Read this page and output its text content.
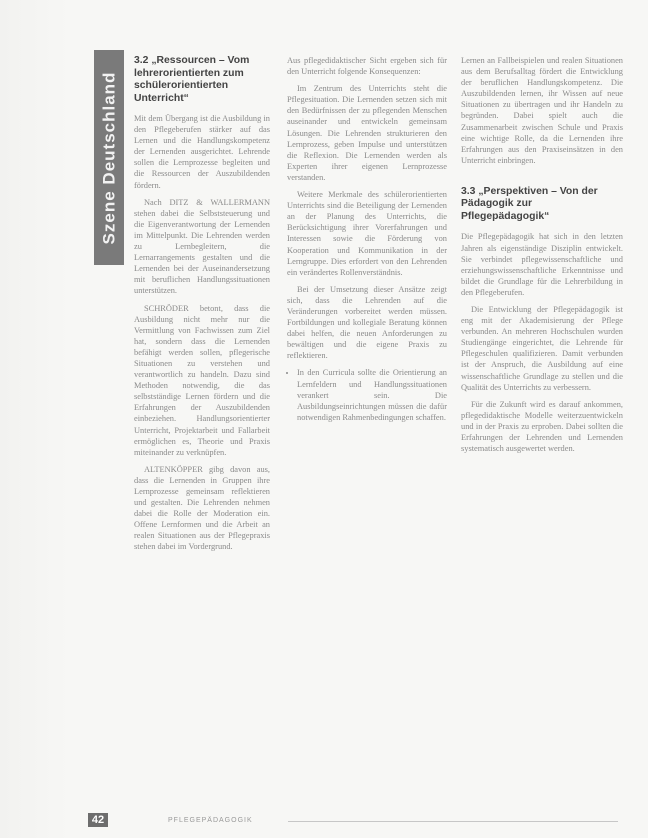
Szene Deutschland
3.2 „Ressourcen – Vom lehrerorientierten zum schülerorientierten Unterricht“

Mit dem Übergang ist die Ausbildung in den Pflegeberufen stärker auf das Lernen und die Handlungskompetenz der Lernenden ausgerichtet. Lehrende sollen die Lernprozesse begleiten und die Ressourcen der Auszubildenden fördern.

Nach DITZ & WALLERMANN stehen dabei die Selbststeuerung und die Eigenverantwortung der Lernenden im Mittelpunkt. Die Lehrenden werden zu Lernbegleitern, die Lernarrangements gestalten und die Lernenden bei der Auseinandersetzung mit beruflichen Handlungssituationen unterstützen.

SCHRÖDER betont, dass die Ausbildung nicht mehr nur die Vermittlung von Fachwissen zum Ziel hat, sondern dass die Lernenden befähigt werden sollen, pflegerische Situationen zu verstehen und verantwortlich zu handeln. Dazu sind Methoden notwendig, die das selbstständige Lernen fördern und die Erfahrungen der Auszubildenden einbeziehen. Handlungsorientierter Unterricht, Projektarbeit und Fallarbeit ermöglichen es, Theorie und Praxis miteinander zu verknüpfen.

ALTENKÖPPER gibg davon aus, dass die Lernenden in Gruppen ihre Lernprozesse gemeinsam reflektieren und gestalten. Die Lehrenden nehmen dabei die Rolle der Moderation ein. Offene Lernformen und die Arbeit an realen Situationen aus der Pflegepraxis stehen dabei im Vordergrund.

Aus pflegedidaktischer Sicht ergeben sich für den Unterricht folgende Konsequenzen:

Im Zentrum des Unterrichts steht die Pflegesituation. Die Lernenden setzen sich mit den Bedürfnissen der zu pflegenden Menschen auseinander und entwickeln gemeinsam Lösungen. Die Lehrenden strukturieren den Lernprozess, geben Impulse und unterstützen die Reflexion. Die Lernenden werden als Experten ihrer eigenen Lernprozesse verstanden.

Weitere Merkmale des schülerorientierten Unterrichts sind die Beteiligung der Lernenden an der Planung des Unterrichts, die Berücksichtigung ihrer Vorerfahrungen und Interessen sowie die Förderung von Kooperation und Kommunikation in der Lerngruppe. Dies erfordert von den Lehrenden ein verändertes Rollenverständnis.

Bei der Umsetzung dieser Ansätze zeigt sich, dass die Lehrenden auf die Veränderungen vorbereitet werden müssen. Fortbildungen und kollegiale Beratung können dabei helfen, die neuen Anforderungen zu bewältigen und die eigene Praxis zu reflektieren.

• In den Curricula sollte die Orientierung an Lernfeldern und Handlungssituationen verankert sein. Die Ausbildungseinrichtungen müssen die dafür notwendigen Rahmenbedingungen schaffen.

Lernen an Fallbeispielen und realen Situationen aus dem Berufsalltag fördert die Entwicklung der beruflichen Handlungskompetenz. Die Auszubildenden lernen, ihr Wissen auf neue Situationen zu übertragen und ihr Handeln zu begründen. Dabei spielt auch die Zusammenarbeit zwischen Schule und Praxis eine wichtige Rolle, da die Lernenden ihre Erfahrungen aus den Praxiseinsätzen in den Unterricht einbringen.

3.3 „Perspektiven – Von der Pädagogik zur Pflegepädagogik“

Die Pflegepädagogik hat sich in den letzten Jahren als eigenständige Disziplin entwickelt. Sie verbindet pflegewissenschaftliche und erziehungswissenschaftliche Erkenntnisse und bildet die Grundlage für die Lehrerbildung in den Pflegeberufen.

Die Entwicklung der Pflegepädagogik ist eng mit der Akademisierung der Pflege verbunden. An mehreren Hochschulen wurden Studiengänge eingerichtet, die Lehrende für Pflegeschulen qualifizieren. Damit verbunden ist der Anspruch, die Ausbildung auf eine wissenschaftliche Grundlage zu stellen und die Qualität des Unterrichts zu verbessern.

Für die Zukunft wird es darauf ankommen, pflegedidaktische Modelle weiterzuentwickeln und in der Praxis zu erproben. Dabei sollten die Erfahrungen der Lehrenden und Lernenden systematisch ausgewertet werden.

42	PFLEGEPÄDAGOGIK
